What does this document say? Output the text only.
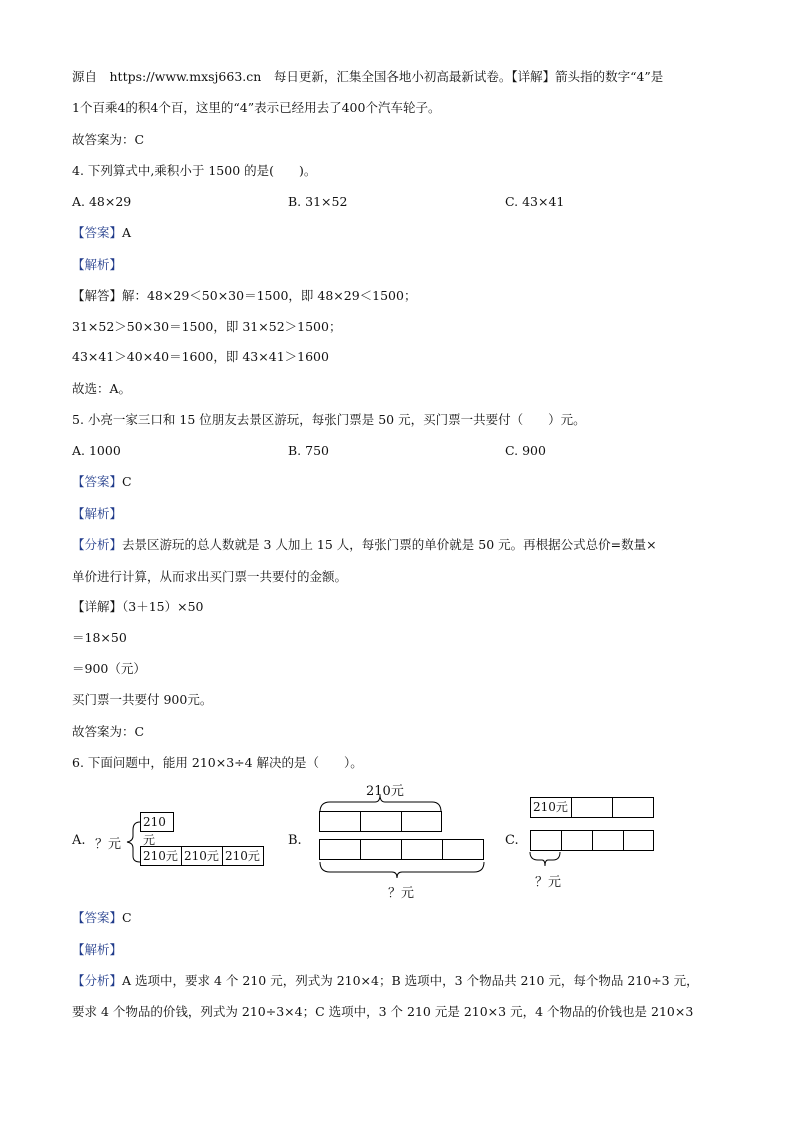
源自　https://www.mxsj663.cn　每日更新，汇集全国各地小初高最新试卷。【详解】箭头指的数字“4”是
1个百乘4的积4个百，这里的“4”表示已经用去了400个汽车轮子。
故答案为：C
4. 下列算式中,乘积小于 1500 的是(　　)。
A. 48×29	B. 31×52	C. 43×41
【答案】A
【解析】
【解答】解：48×29＜50×30＝1500，即 48×29＜1500；
31×52＞50×30＝1500，即 31×52＞1500；
43×41＞40×40＝1600，即 43×41＞1600
故选：A。
5. 小亮一家三口和 15 位朋友去景区游玩，每张门票是 50 元，买门票一共要付（　　）元。
A. 1000	B. 750	C. 900
【答案】C
【解析】
【分析】去景区游玩的总人数就是 3 人加上 15 人，每张门票的单价就是 50 元。再根据公式总价=数量×
单价进行计算，从而求出买门票一共要付的金额。
【详解】（3＋15）×50
＝18×50
＝900（元）
买门票一共要付 900元。
故答案为：C
6. 下面问题中，能用 210×3÷4 解决的是（　　）。
A. ？元
210元
210元 210元 210元
B.
210元
？元
C.
210元
？元
【答案】C
【解析】
【分析】A 选项中，要求 4 个 210 元，列式为 210×4；B 选项中，3 个物品共 210 元，每个物品 210÷3 元，
要求 4 个物品的价钱，列式为 210÷3×4；C 选项中，3 个 210 元是 210×3 元，4 个物品的价钱也是 210×3
